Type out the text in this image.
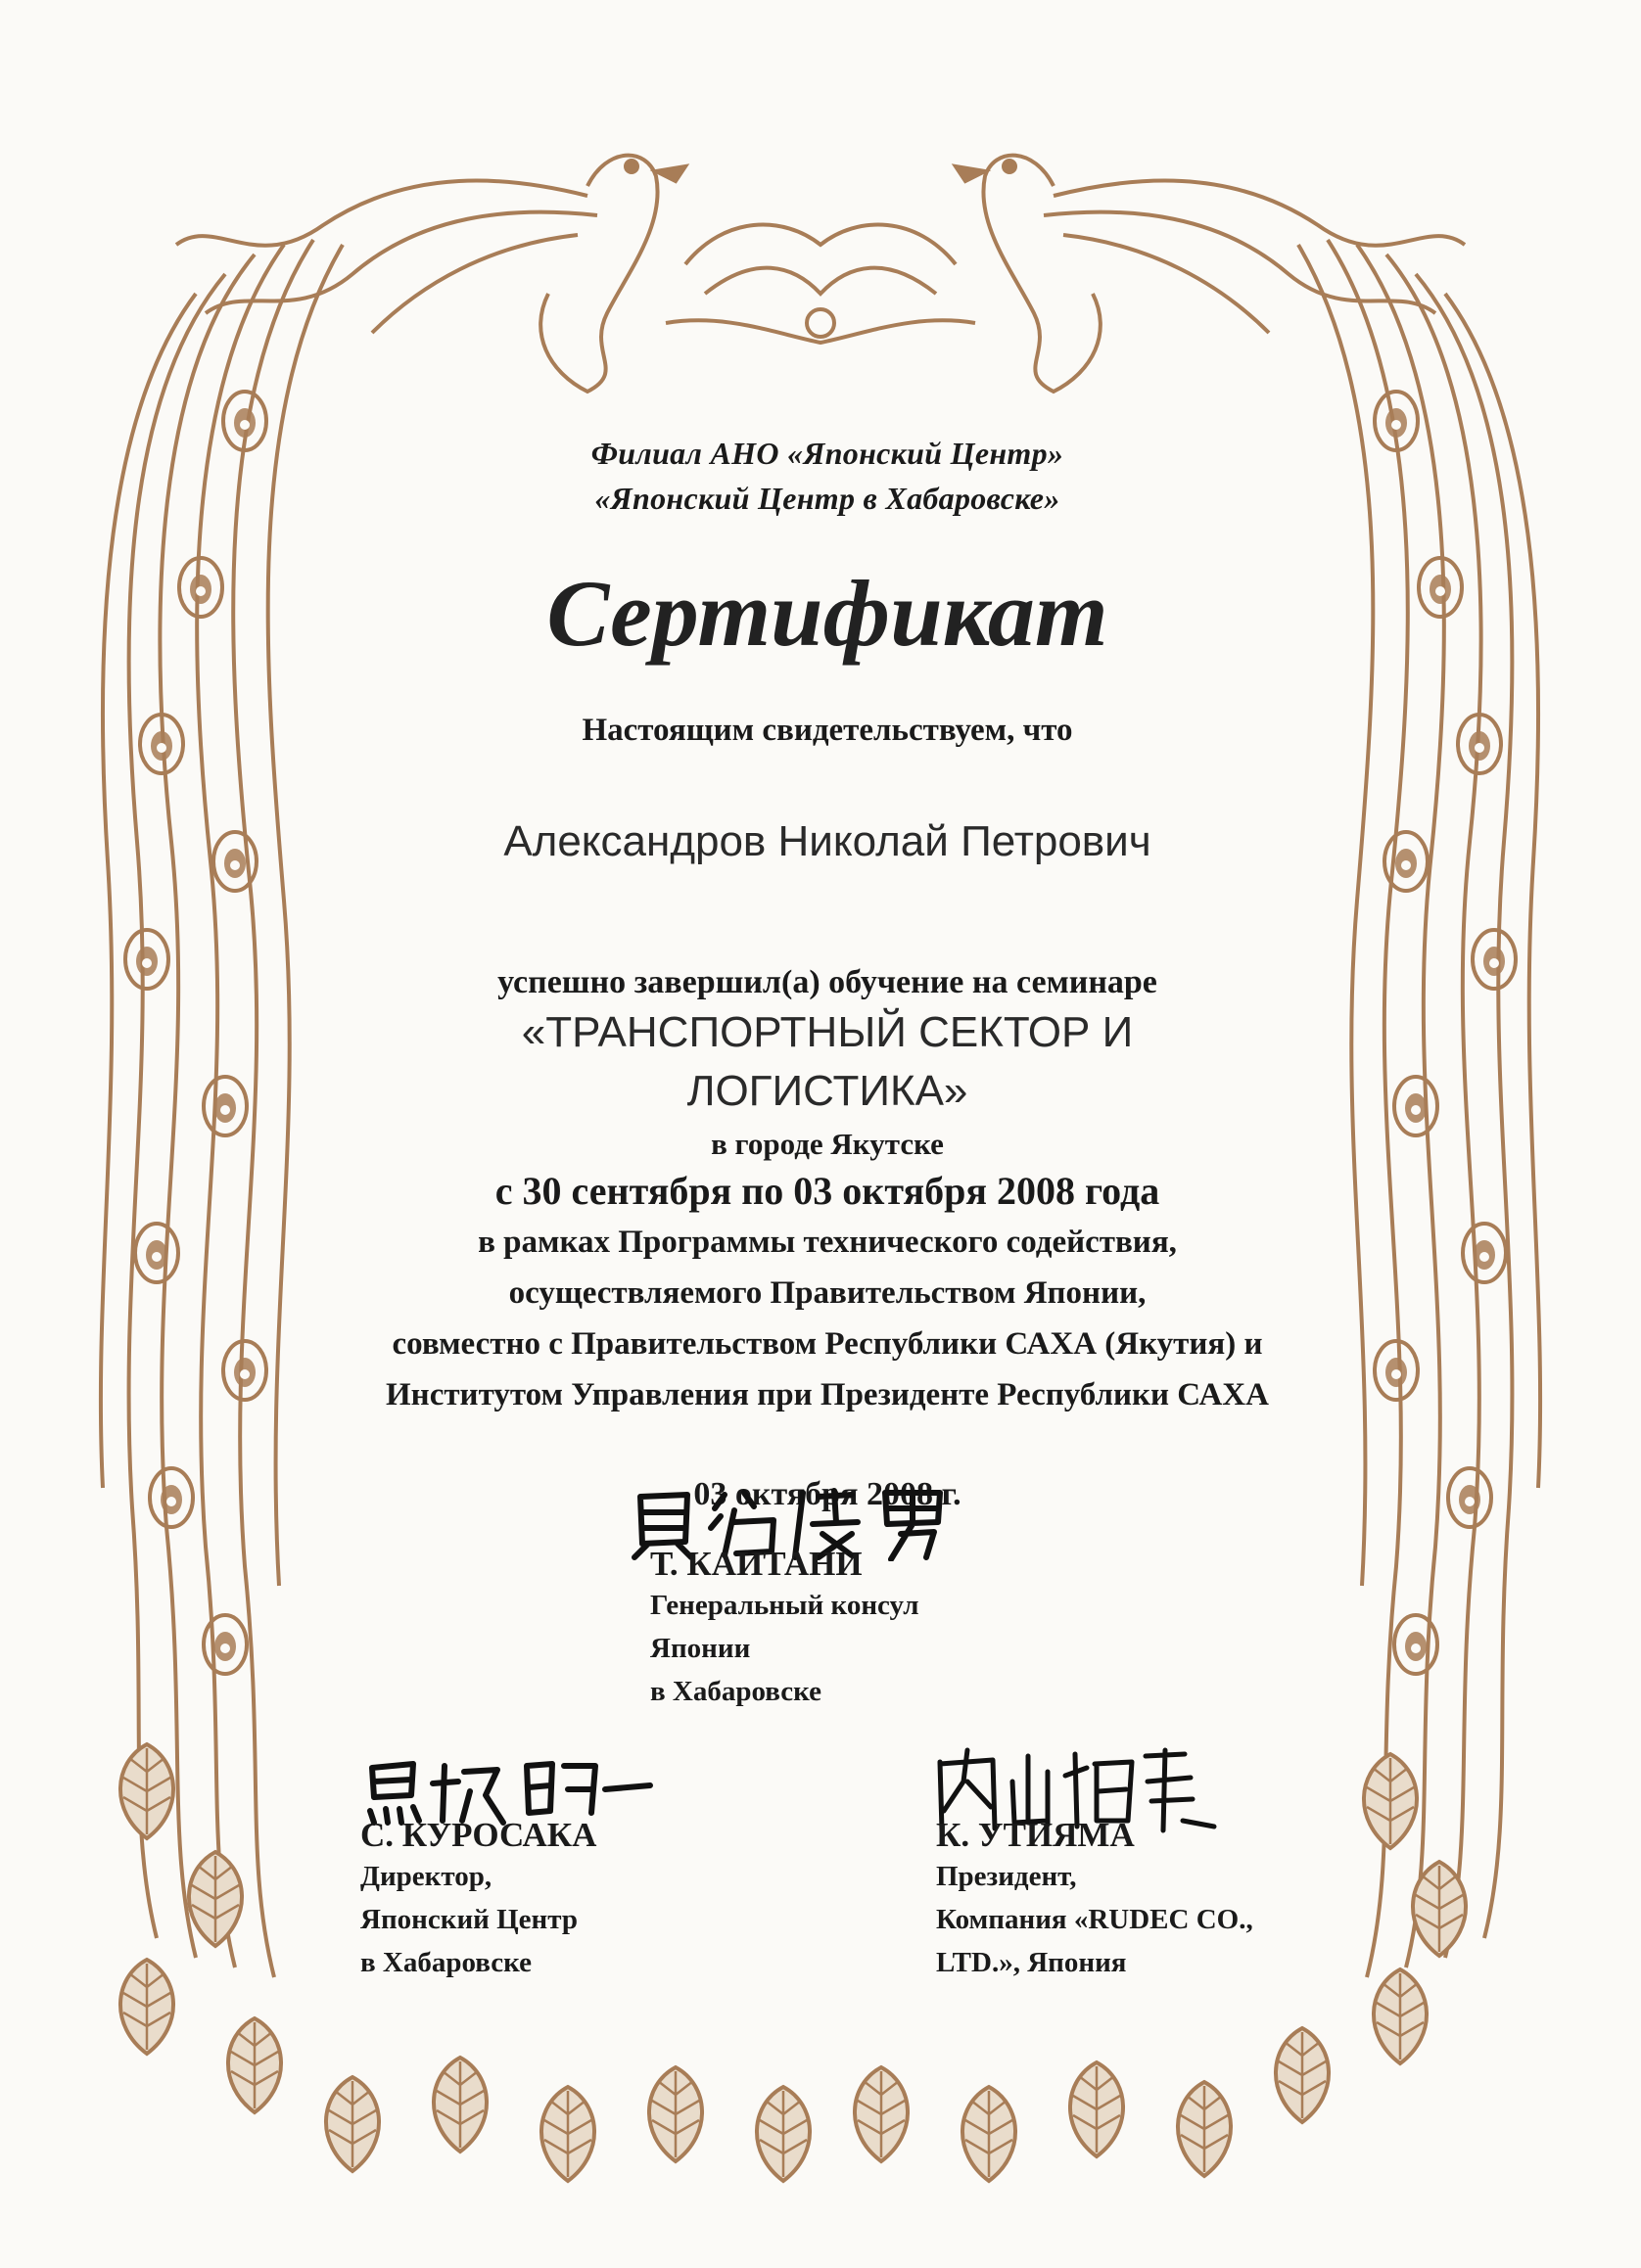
Филиал АНО «Японский Центр»
«Японский Центр в Хабаровске»
Сертификат
Настоящим свидетельствуем, что
Александров Николай Петрович
успешно завершил(а) обучение на семинаре
«ТРАНСПОРТНЫЙ СЕКТОР И
ЛОГИСТИКА»
в городе Якутске
с 30 сентября по 03 октября 2008 года
в рамках Программы технического содействия,
осуществляемого Правительством Японии,
совместно с Правительством Республики САХА (Якутия) и
Институтом Управления при Президенте Республики САХА
03 октября 2008 г.
Т. КАИТАНИ
Генеральный консул
Японии
в Хабаровске
С. КУРОСАКА
Директор,
Японский Центр
в Хабаровске
К. УТИЯМА
Президент,
Компания «RUDEC CO.,
LTD.», Япония
